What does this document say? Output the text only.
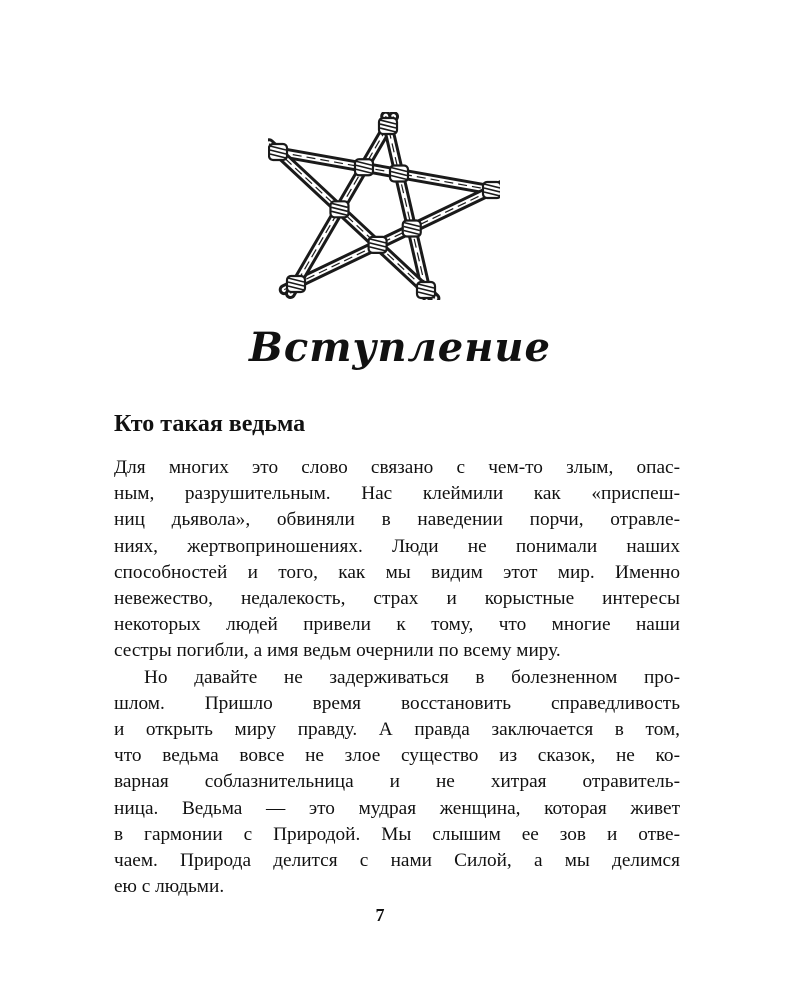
Вступление
Кто такая ведьма
Для многих это слово связано с чем-то злым, опас-
ным, разрушительным. Нас клеймили как «приспеш-
ниц дьявола», обвиняли в наведении порчи, отравле-
ниях, жертвоприношениях. Люди не понимали наших
способностей и того, как мы видим этот мир. Именно
невежество, недалекость, страх и корыстные интересы
некоторых людей привели к тому, что многие наши
сестры погибли, а имя ведьм очернили по всему миру.
Но давайте не задерживаться в болезненном про-
шлом. Пришло время восстановить справедливость
и открыть миру правду. А правда заключается в том,
что ведьма вовсе не злое существо из сказок, не ко-
варная соблазнительница и не хитрая отравитель-
ница. Ведьма — это мудрая женщина, которая живет
в гармонии с Природой. Мы слышим ее зов и отве-
чаем. Природа делится с нами Силой, а мы делимся
ею с людьми.
7
